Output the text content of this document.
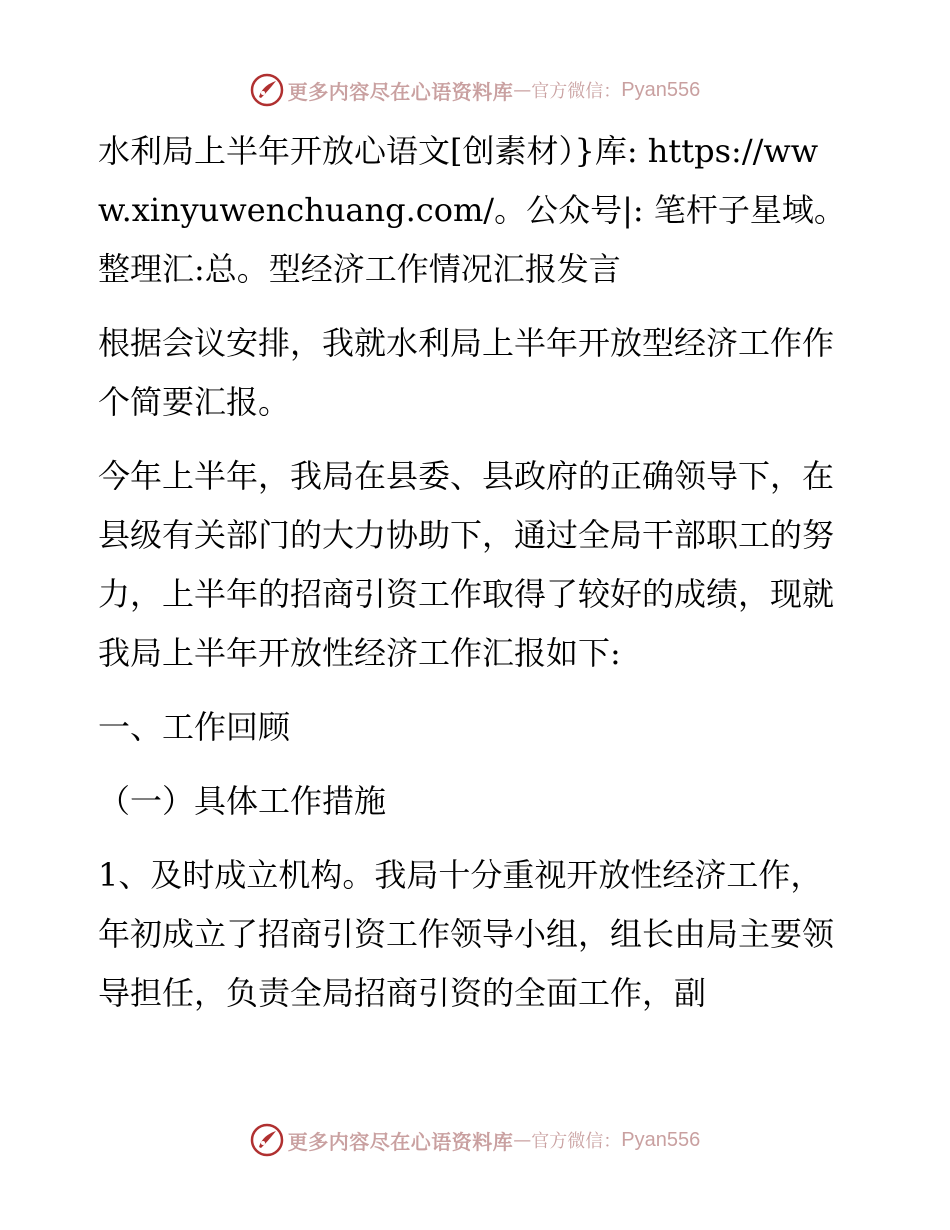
更多内容尽在心语资料库 — 官方微信： Pyan556

水利局上半年开放心语文[创素材）}库: https://www.xinyuwenchuang.com/。公众号|: 笔杆子星域。整理汇:总。型经济工作情况汇报发言

根据会议安排，我就水利局上半年开放型经济工作作个简要汇报。

今年上半年，我局在县委、县政府的正确领导下，在县级有关部门的大力协助下，通过全局干部职工的努力，上半年的招商引资工作取得了较好的成绩，现就我局上半年开放性经济工作汇报如下:

一、工作回顾

（一）具体工作措施

1、及时成立机构。我局十分重视开放性经济工作，年初成立了招商引资工作领导小组，组长由局主要领导担任，负责全局招商引资的全面工作，副

更多内容尽在心语资料库 — 官方微信： Pyan556
